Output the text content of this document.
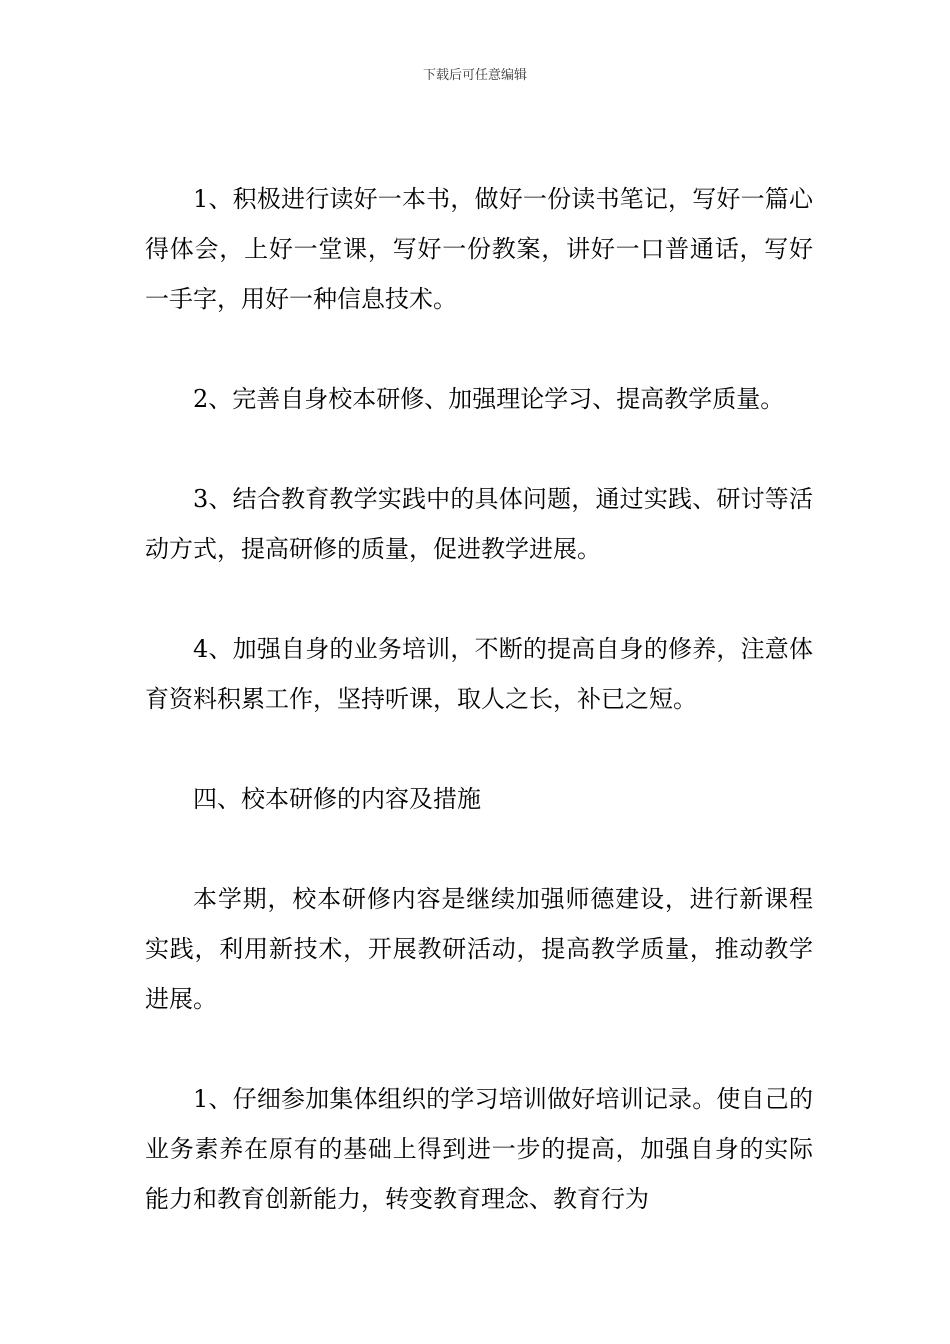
下载后可任意编辑

1、积极进行读好一本书，做好一份读书笔记，写好一篇心得体会，上好一堂课，写好一份教案，讲好一口普通话，写好一手字，用好一种信息技术。

2、完善自身校本研修、加强理论学习、提高教学质量。

3、结合教育教学实践中的具体问题，通过实践、研讨等活动方式，提高研修的质量，促进教学进展。

4、加强自身的业务培训，不断的提高自身的修养，注意体育资料积累工作，坚持听课，取人之长，补已之短。

四、校本研修的内容及措施

本学期，校本研修内容是继续加强师德建设，进行新课程实践，利用新技术，开展教研活动，提高教学质量，推动教学进展。

1、仔细参加集体组织的学习培训做好培训记录。使自己的业务素养在原有的基础上得到进一步的提高，加强自身的实际能力和教育创新能力，转变教育理念、教育行为
